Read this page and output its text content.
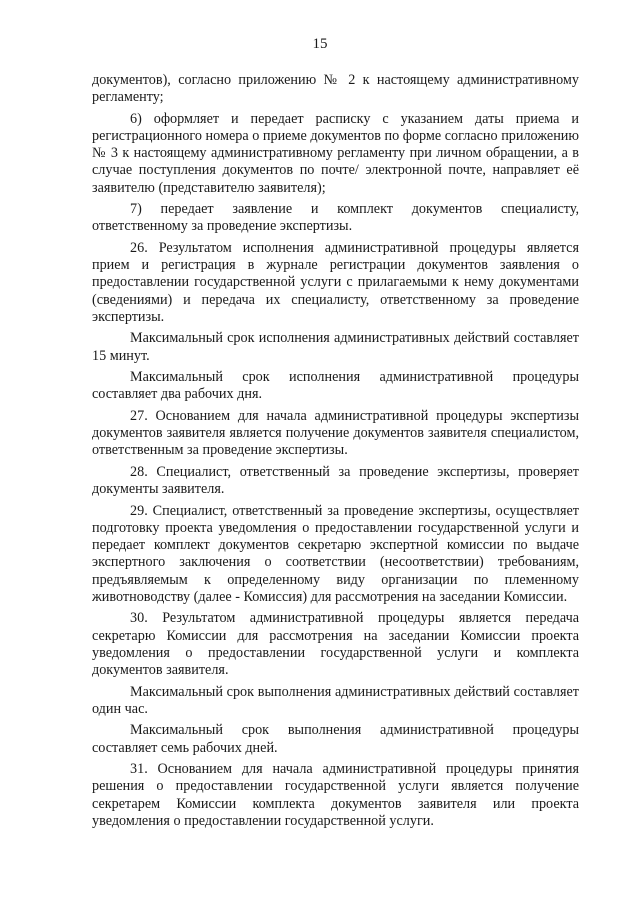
15

документов), согласно приложению № 2 к настоящему административному регламенту;

6) оформляет и передает расписку с указанием даты приема и регистрационного номера о приеме документов по форме согласно приложению № 3 к настоящему административному регламенту при личном обращении, а в случае поступления документов по почте/ электронной почте, направляет её заявителю (представителю заявителя);

7) передает заявление и комплект документов специалисту, ответственному за проведение экспертизы.

26. Результатом исполнения административной процедуры является прием и регистрация в журнале регистрации документов заявления о предоставлении государственной услуги с прилагаемыми к нему документами (сведениями) и передача их специалисту, ответственному за проведение экспертизы.

Максимальный срок исполнения административных действий составляет 15 минут.

Максимальный срок исполнения административной процедуры составляет два рабочих дня.

27. Основанием для начала административной процедуры экспертизы документов заявителя является получение документов заявителя специалистом, ответственным за проведение экспертизы.

28. Специалист, ответственный за проведение экспертизы, проверяет документы заявителя.

29. Специалист, ответственный за проведение экспертизы, осуществляет подготовку проекта уведомления о предоставлении государственной услуги и передает комплект документов секретарю экспертной комиссии по выдаче экспертного заключения о соответствии (несоответствии) требованиям, предъявляемым к определенному виду организации по племенному животноводству (далее - Комиссия) для рассмотрения на заседании Комиссии.

30. Результатом административной процедуры является передача секретарю Комиссии для рассмотрения на заседании Комиссии проекта уведомления о предоставлении государственной услуги и комплекта документов заявителя.

Максимальный срок выполнения административных действий составляет один час.

Максимальный срок выполнения административной процедуры составляет семь рабочих дней.

31. Основанием для начала административной процедуры принятия решения о предоставлении государственной услуги является получение секретарем Комиссии комплекта документов заявителя или проекта уведомления о предоставлении государственной услуги.
